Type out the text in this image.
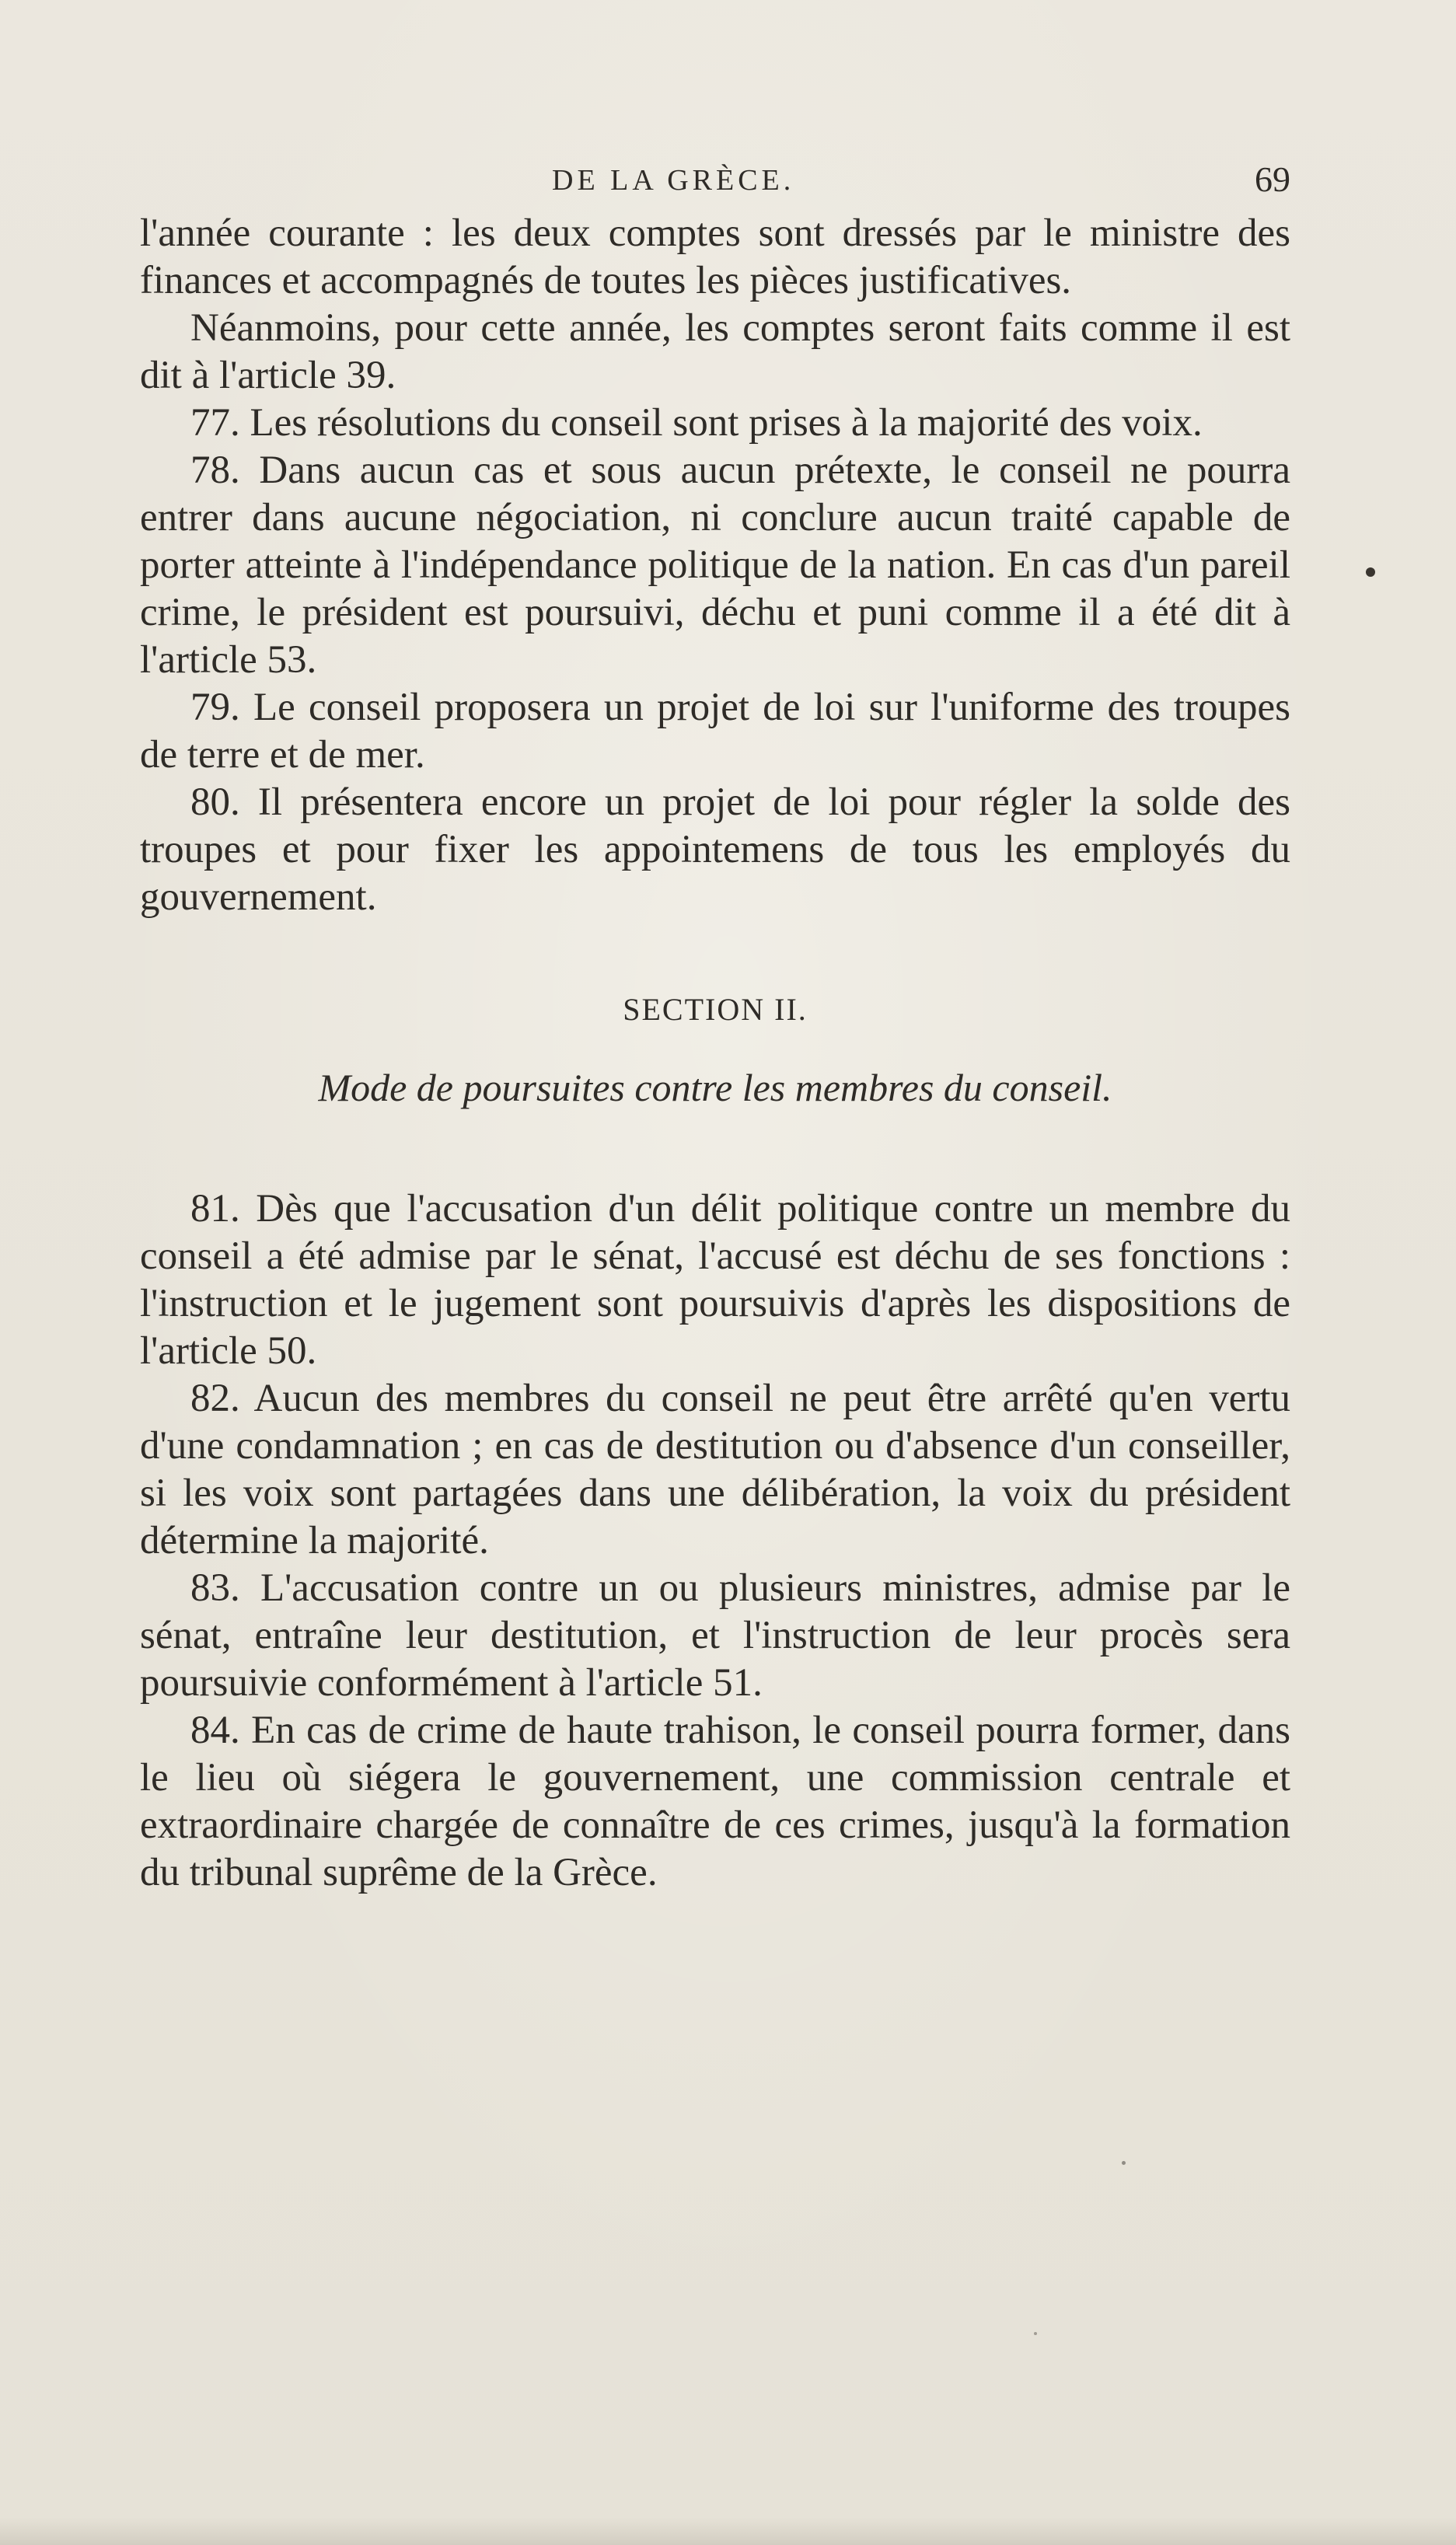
DE LA GRÈCE.	69

l'année courante : les deux comptes sont dressés par le ministre des finances et accompagnés de toutes les pièces justificatives.

Néanmoins, pour cette année, les comptes seront faits comme il est dit à l'article 39.

77. Les résolutions du conseil sont prises à la majorité des voix.

78. Dans aucun cas et sous aucun prétexte, le conseil ne pourra entrer dans aucune négociation, ni conclure aucun traité capable de porter atteinte à l'indépendance politique de la nation. En cas d'un pareil crime, le président est poursuivi, déchu et puni comme il a été dit à l'article 53.

79. Le conseil proposera un projet de loi sur l'uniforme des troupes de terre et de mer.

80. Il présentera encore un projet de loi pour régler la solde des troupes et pour fixer les appointemens de tous les employés du gouvernement.

SECTION II.
Mode de poursuites contre les membres du conseil.

81. Dès que l'accusation d'un délit politique contre un membre du conseil a été admise par le sénat, l'accusé est déchu de ses fonctions : l'instruction et le jugement sont poursuivis d'après les dispositions de l'article 50.

82. Aucun des membres du conseil ne peut être arrêté qu'en vertu d'une condamnation ; en cas de destitution ou d'absence d'un conseiller, si les voix sont partagées dans une délibération, la voix du président détermine la majorité.

83. L'accusation contre un ou plusieurs ministres, admise par le sénat, entraîne leur destitution, et l'instruction de leur procès sera poursuivie conformément à l'article 51.

84. En cas de crime de haute trahison, le conseil pourra former, dans le lieu où siégera le gouvernement, une commission centrale et extraordinaire chargée de connaître de ces crimes, jusqu'à la formation du tribunal suprême de la Grèce.
